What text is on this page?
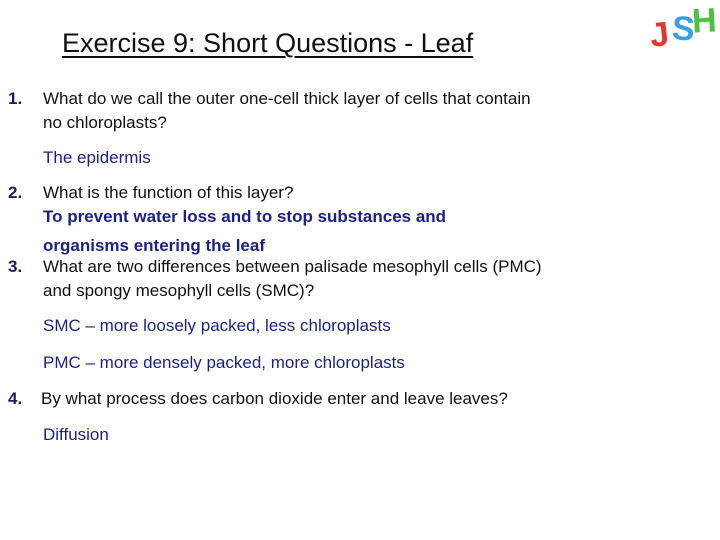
Exercise 9: Short Questions - Leaf	J S
H
1. What do we call the outer one-cell thick layer of cells that contain
no chloroplasts?
The epidermis
2. What is the function of this layer?
To prevent water loss and to stop substances and
organisms entering the leaf
3. What are two differences between palisade mesophyll cells (PMC)
and spongy mesophyll cells (SMC)?
SMC – more loosely packed, less chloroplasts
PMC – more densely packed, more chloroplasts
4. By what process does carbon dioxide enter and leave leaves?
Diffusion
